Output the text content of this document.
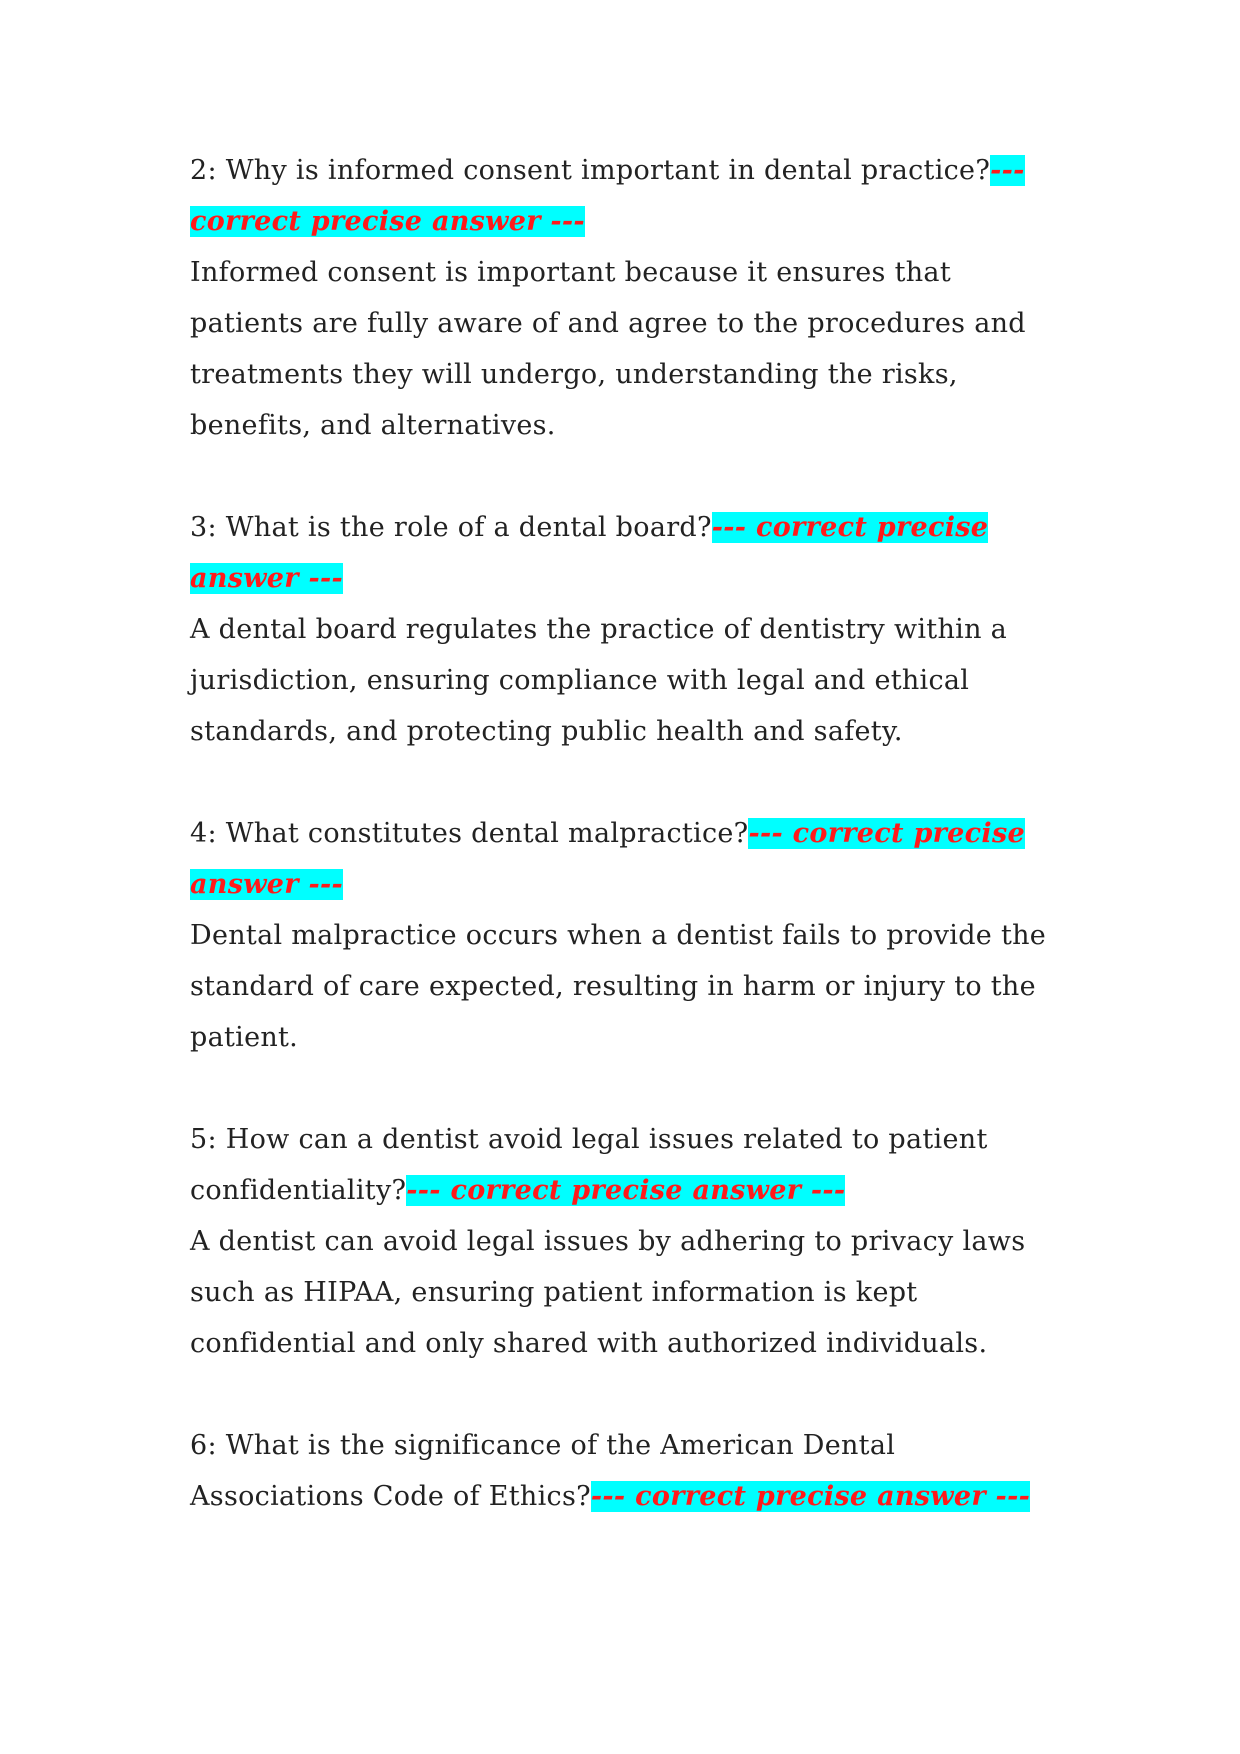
2: Why is informed consent important in dental practice?--- correct precise answer ---

Informed consent is important because it ensures that patients are fully aware of and agree to the procedures and treatments they will undergo, understanding the risks, benefits, and alternatives.

3: What is the role of a dental board?--- correct precise answer ---

A dental board regulates the practice of dentistry within a jurisdiction, ensuring compliance with legal and ethical standards, and protecting public health and safety.

4: What constitutes dental malpractice?--- correct precise answer ---

Dental malpractice occurs when a dentist fails to provide the standard of care expected, resulting in harm or injury to the patient.

5: How can a dentist avoid legal issues related to patient confidentiality?--- correct precise answer ---

A dentist can avoid legal issues by adhering to privacy laws such as HIPAA, ensuring patient information is kept confidential and only shared with authorized individuals.

6: What is the significance of the American Dental Associations Code of Ethics?--- correct precise answer ---
